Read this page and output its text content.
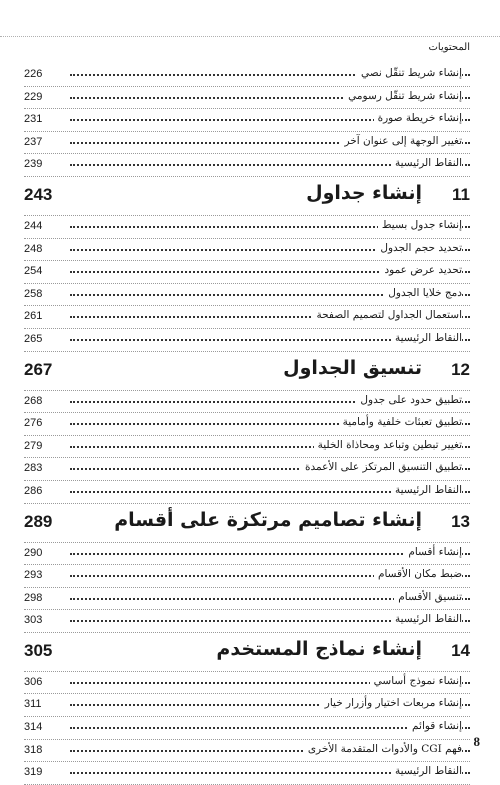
المحتويات
226	إنشاء شريط تنقّل نصي
229	إنشاء شريط تنقّل رسومي
231	إنشاء خريطة صورة
237	تغيير الوجهة إلى عنوان آخر
239	النقاط الرئيسية
243	إنشاء جداول 11
244	إنشاء جدول بسيط
248	تحديد حجم الجدول
254	تحديد عرض عمود
258	دمج خلايا الجدول
261	استعمال الجداول لتصميم الصفحة
265	النقاط الرئيسية
267	تنسيق الجداول 12
268	تطبيق حدود على جدول
276	تطبيق تعبئات خلفية وأمامية
279	تغيير تبطين وتباعد ومحاذاة الخلية
283	تطبيق التنسيق المرتكز على الأعمدة
286	النقاط الرئيسية
289	إنشاء تصاميم مرتكزة على أقسام 13
290	إنشاء أقسام
293	ضبط مكان الأقسام
298	تنسيق الأقسام
303	النقاط الرئيسية
305	إنشاء نماذج المستخدم 14
306	إنشاء نموذج أساسي
311	إنشاء مربعات اختيار وأزرار خيار
314	إنشاء قوائم
318	فهم CGI والأدوات المتقدمة الأخرى
319	النقاط الرئيسية
8
